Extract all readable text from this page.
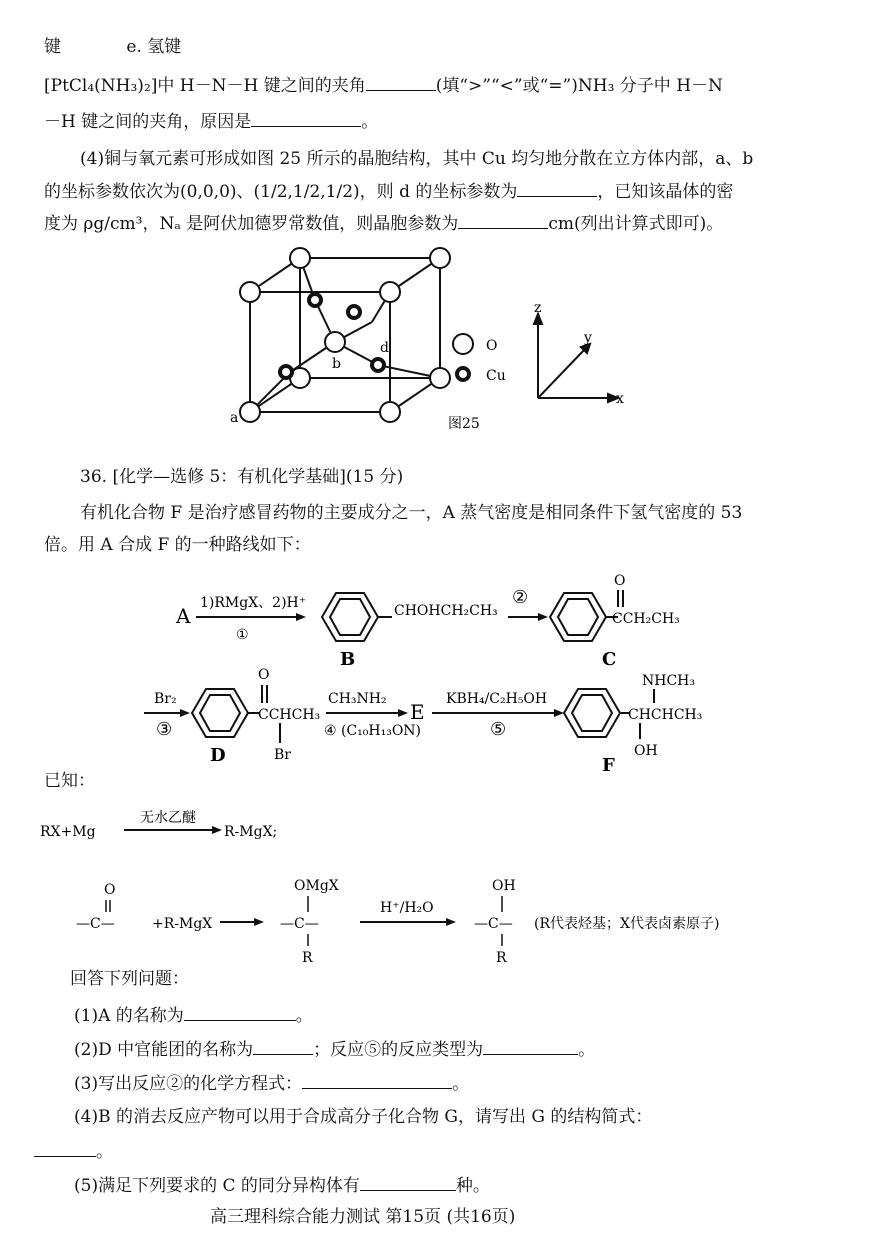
键	e. 氢键
[PtCl₄(NH₃)₂]中 H－N－H 键之间的夹角	(填“>”“<”或“=”)NH₃ 分子中 H－N
－H 键之间的夹角，原因是	。
(4)铜与氧元素可形成如图 25 所示的晶胞结构，其中 Cu 均匀地分散在立方体内部，a、b
的坐标参数依次为(0,0,0)、(1/2,1/2,1/2)，则 d 的坐标参数为	，已知该晶体的密
度为 ρg/cm³，Nₐ 是阿伏加德罗常数值，则晶胞参数为	cm(列出计算式即可)。
a
b
d	O
Cu
图25
z
y
x
36. [化学—选修 5：有机化学基础](15 分)
有机化合物 F 是治疗感冒药物的主要成分之一，A 蒸气密度是相同条件下氢气密度的 53
倍。用 A 合成 F 的一种路线如下：
A
1)RMgX、2)H⁺
①
CHOHCH₂CH₃
B
②
O
CCH₂CH₃
C
Br₂
③
O
CCHCH₃
Br
D
CH₃NH₂
④ (C₁₀H₁₃ON)
E
KBH₄/C₂H₅OH
⑤
NHCH₃
CHCHCH₃
OH
F
已知：
RX+Mg
无水乙醚
R-MgX;
O
—C—	+R-MgX
OMgX
—C—
R
H⁺/H₂O
OH
—C—
R
(R代表烃基；X代表卤素原子)
回答下列问题：
(1)A 的名称为	。
(2)D 中官能团的名称为	；反应⑤的反应类型为	。
(3)写出反应②的化学方程式：	。
(4)B 的消去反应产物可以用于合成高分子化合物 G，请写出 G 的结构简式：
。
(5)满足下列要求的 C 的同分异构体有	种。
高三理科综合能力测试 第15页 (共16页)
